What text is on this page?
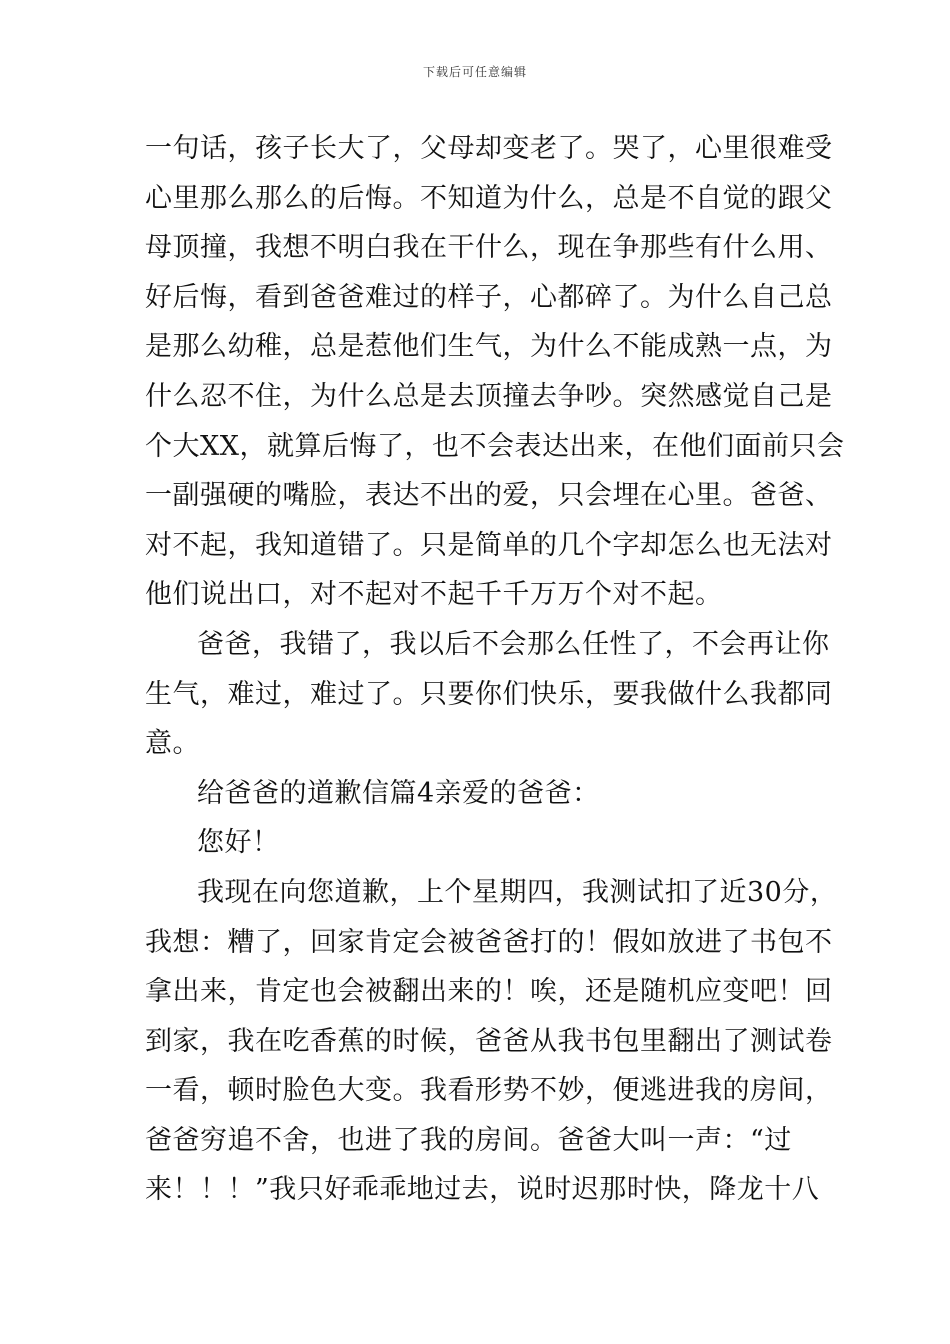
下载后可任意编辑
一句话，孩子长大了，父母却变老了。哭了，心里很难受
心里那么那么的后悔。不知道为什么，总是不自觉的跟父
母顶撞，我想不明白我在干什么，现在争那些有什么用、
好后悔，看到爸爸难过的样子，心都碎了。为什么自己总
是那么幼稚，总是惹他们生气，为什么不能成熟一点，为
什么忍不住，为什么总是去顶撞去争吵。突然感觉自己是
个大XX，就算后悔了，也不会表达出来，在他们面前只会
一副强硬的嘴脸，表达不出的爱，只会埋在心里。爸爸、
对不起，我知道错了。只是简单的几个字却怎么也无法对
他们说出口，对不起对不起千千万万个对不起。
爸爸，我错了，我以后不会那么任性了，不会再让你
生气，难过，难过了。只要你们快乐，要我做什么我都同
意。
给爸爸的道歉信篇4亲爱的爸爸：
您好！
我现在向您道歉，上个星期四，我测试扣了近30分，
我想：糟了，回家肯定会被爸爸打的！假如放进了书包不
拿出来，肯定也会被翻出来的！唉，还是随机应变吧！回
到家，我在吃香蕉的时候，爸爸从我书包里翻出了测试卷
一看，顿时脸色大变。我看形势不妙，便逃进我的房间，
爸爸穷追不舍，也进了我的房间。爸爸大叫一声：“过
来！！！”我只好乖乖地过去，说时迟那时快，降龙十八
